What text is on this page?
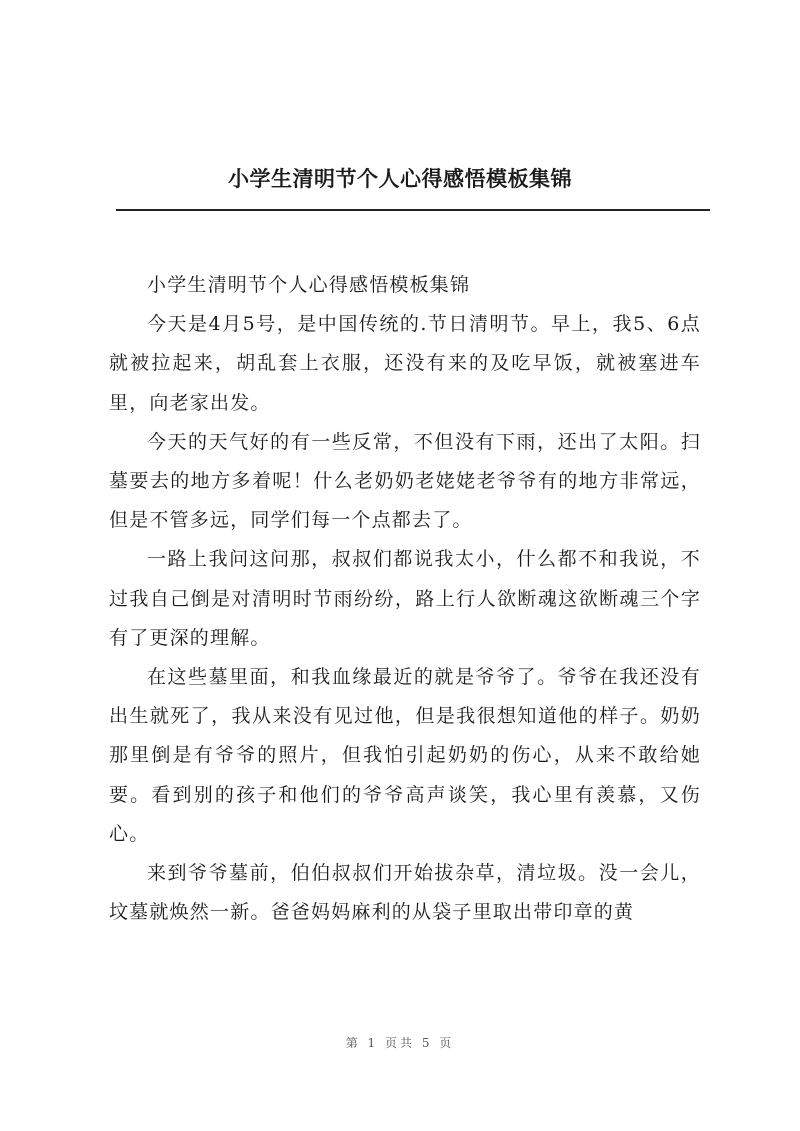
小学生清明节个人心得感悟模板集锦

小学生清明节个人心得感悟模板集锦

今天是4月5号，是中国传统的.节日清明节。早上，我5、6点就被拉起来，胡乱套上衣服，还没有来的及吃早饭，就被塞进车里，向老家出发。

今天的天气好的有一些反常，不但没有下雨，还出了太阳。扫墓要去的地方多着呢！什么老奶奶老姥姥老爷爷有的地方非常远，但是不管多远，同学们每一个点都去了。

一路上我问这问那，叔叔们都说我太小，什么都不和我说，不过我自己倒是对清明时节雨纷纷，路上行人欲断魂这欲断魂三个字有了更深的理解。

在这些墓里面，和我血缘最近的就是爷爷了。爷爷在我还没有出生就死了，我从来没有见过他，但是我很想知道他的样子。奶奶那里倒是有爷爷的照片，但我怕引起奶奶的伤心，从来不敢给她要。看到别的孩子和他们的爷爷高声谈笑，我心里有羡慕，又伤心。

来到爷爷墓前，伯伯叔叔们开始拔杂草，清垃圾。没一会儿，坟墓就焕然一新。爸爸妈妈麻利的从袋子里取出带印章的黄

第 1 页共 5 页
